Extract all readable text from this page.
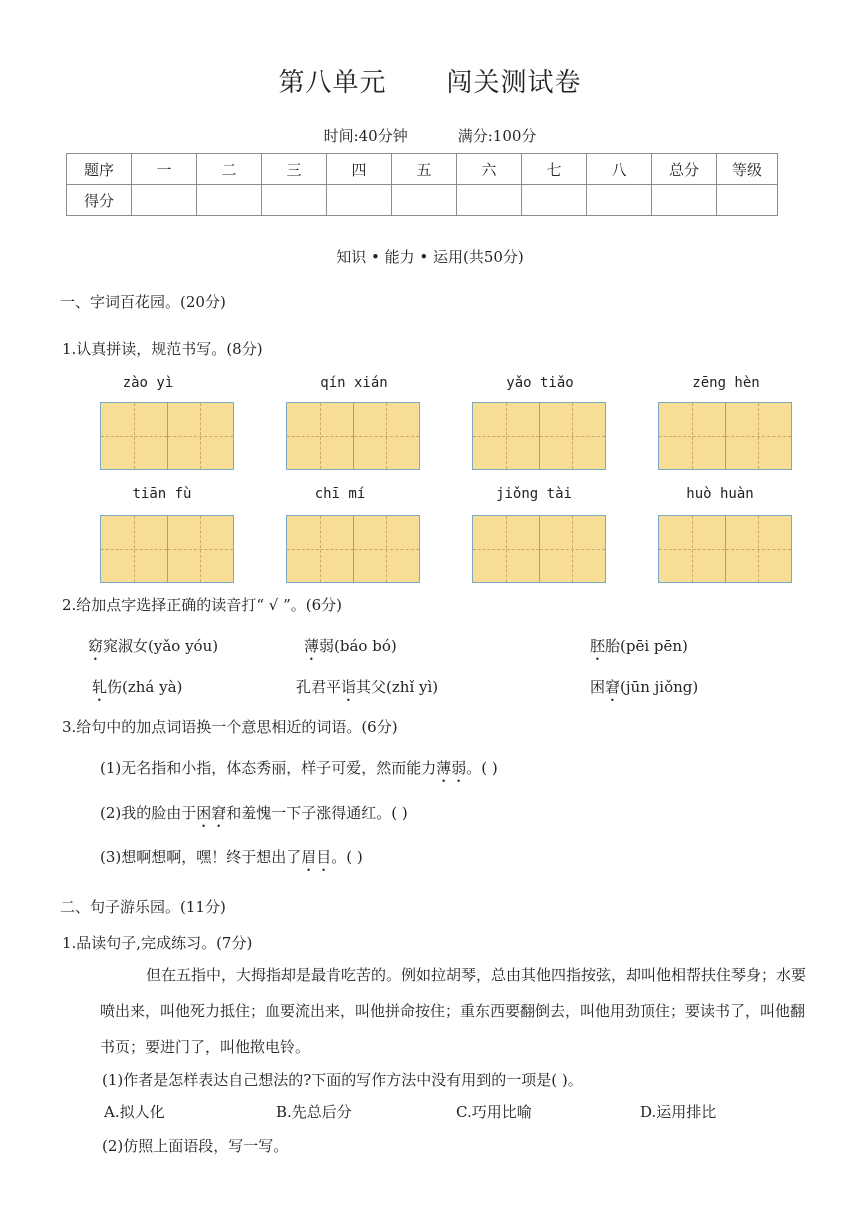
第八单元 闯关测试卷
时间:40分钟	满分:100分
题序	一	二	三	四	五	六	七	八	总分	等级
得分										
知识 • 能力 • 运用(共50分)
一、字词百花园。(20分)
1.认真拼读，规范书写。(8分)
zào yì	qín xián	yǎo tiǎo	zēng hèn
tiān fù	chī mí	jiǒng tài	huò huàn
2.给加点字选择正确的读音打“ √ ”。(6分)
窈窕淑女(yǎo yóu)	薄弱(báo bó)	胚胎(pēi pēn)
轧伤(zhá yà)	孔君平诣其父(zhǐ yì)	困窘(jūn jiǒng)
3.给句中的加点词语换一个意思相近的词语。(6分)
(1)无名指和小指，体态秀丽，样子可爱，然而能力薄弱。( )
(2)我的脸由于困窘和羞愧一下子涨得通红。( )
(3)想啊想啊，嘿！终于想出了眉目。( )
二、句子游乐园。(11分)
1.品读句子,完成练习。(7分)
但在五指中，大拇指却是最肯吃苦的。例如拉胡琴，总由其他四指按弦，却叫他相帮扶住琴身；水要喷出来，叫他死力抵住；血要流出来，叫他拼命按住；重东西要翻倒去，叫他用劲顶住；要读书了，叫他翻书页；要进门了，叫他揿电铃。
(1)作者是怎样表达自己想法的?下面的写作方法中没有用到的一项是( )。
A.拟人化	B.先总后分	C.巧用比喻	D.运用排比
(2)仿照上面语段，写一写。
